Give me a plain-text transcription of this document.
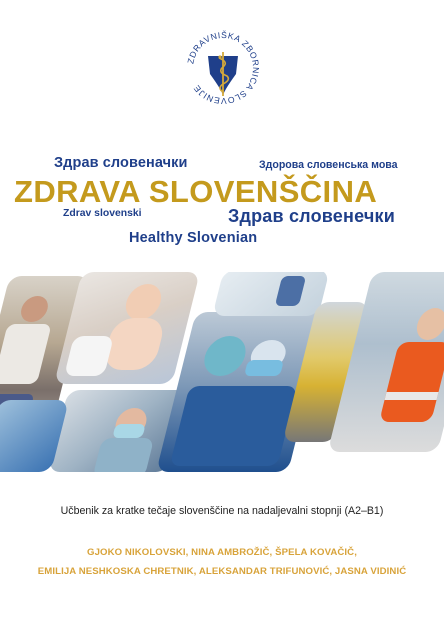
ZDRAVNIŠKA ZBORNICA SLOVENIJE
Здрав словеначки	Здорова словенська мова
ZDRAVA SLOVENŠČINA
Zdrav slovenski	Здрав словенечки
Healthy Slovenian
Učbenik za kratke tečaje slovenščine na nadaljevalni stopnji (A2–B1)
GJOKO NIKOLOVSKI, NINA AMBROŽIČ, ŠPELA KOVAČIČ,
EMILIJA NESHKOSKA CHRETNIK, ALEKSANDAR TRIFUNOVIĆ, JASNA VIDINIĆ
